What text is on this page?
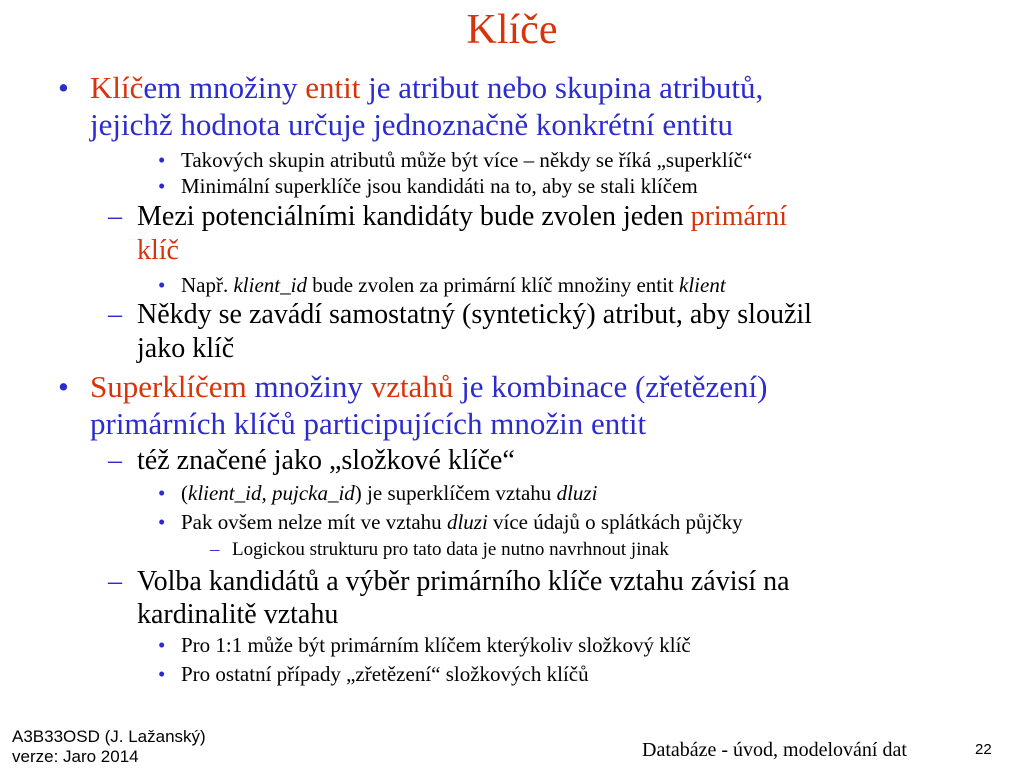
Klíče
• Klíčem množiny entit je atribut nebo skupina atributů,
jejichž hodnota určuje jednoznačně konkrétní entitu
• Takových skupin atributů může být více – někdy se říká „superklíč“
• Minimální superklíče jsou kandidáti na to, aby se stali klíčem
– Mezi potenciálními kandidáty bude zvolen jeden primární
klíč
• Např. klient_id bude zvolen za primární klíč množiny entit klient
– Někdy se zavádí samostatný (syntetický) atribut, aby sloužil
jako klíč
• Superklíčem množiny vztahů je kombinace (zřetězení)
primárních klíčů participujících množin entit
– též značené jako „složkové klíče“
• (klient_id, pujcka_id) je superklíčem vztahu dluzi
• Pak ovšem nelze mít ve vztahu dluzi více údajů o splátkách půjčky
– Logickou strukturu pro tato data je nutno navrhnout jinak
– Volba kandidátů a výběr primárního klíče vztahu závisí na
kardinalitě vztahu
• Pro 1:1 může být primárním klíčem kterýkoliv složkový klíč
• Pro ostatní případy „zřetězení“ složkových klíčů
A3B33OSD (J. Lažanský)
verze: Jaro 2014	Databáze - úvod, modelování dat	22
